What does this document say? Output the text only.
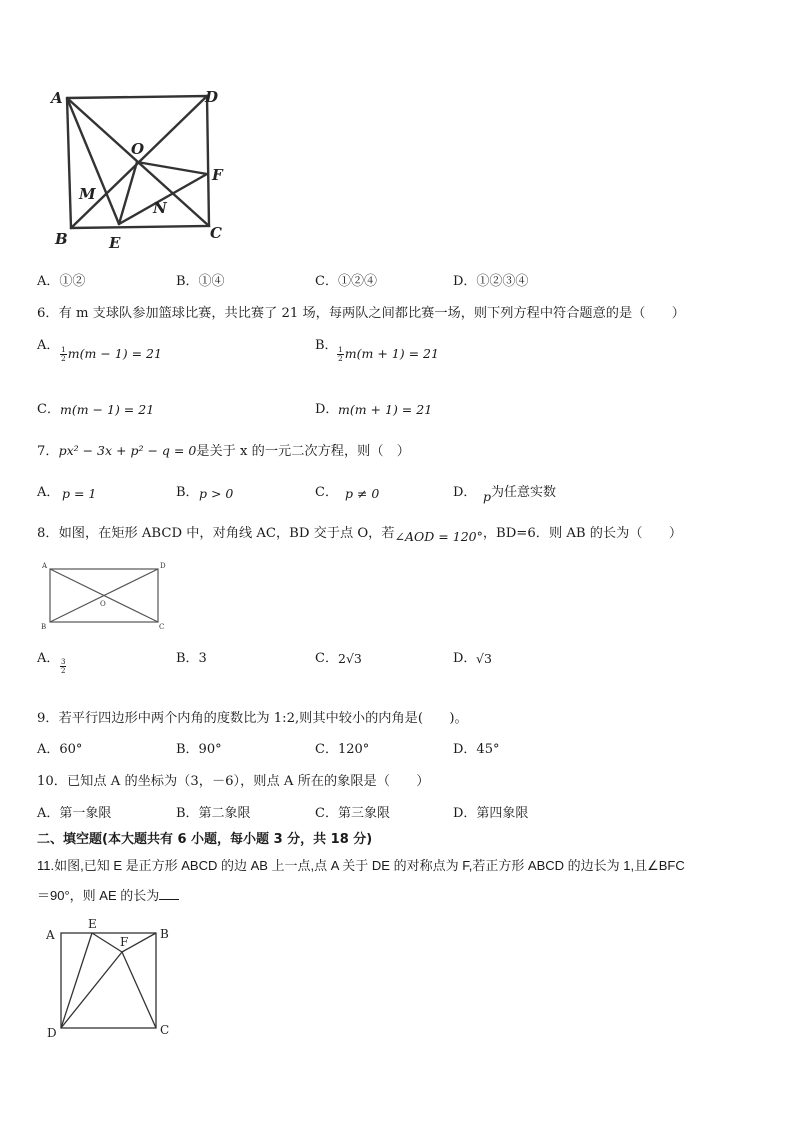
A	D
O
F
M
N
B	E
C
A．①②	B．①④	C．①②④	D．①②③④
6．有 m 支球队参加篮球比赛，共比赛了 21 场，每两队之间都比赛一场，则下列方程中符合题意的是（　　）
A．
$\frac{1}{2} m(m - 1) = 21$
B．
$\frac{1}{2} m(m + 1) = 21$
C． m(m − 1) = 21	D． m(m + 1) = 21
7．px² − 3x + p² − q = 0是关于 x 的一元二次方程，则（　）
A． p = 1	B． p > 0	C． p ≠ 0	D． p为任意实数
8．如图，在矩形 ABCD 中，对角线 AC，BD 交于点 O，若∠AOD = 120°，BD=6．则 AB 的长为（　　）
A	D
O
B	C
A． $\frac{3}{2}$	B．3	C． 2√3	D． √3
9．若平行四边形中两个内角的度数比为 1:2,则其中较小的内角是(　　)。
A．60°	B．90°	C．120°	D．45°
10．已知点 A 的坐标为（3，－6），则点 A 所在的象限是（　　）
A．第一象限	B．第二象限	C．第三象限	D．第四象限
二、填空题(本大题共有 6 小题，每小题 3 分，共 18 分)
11.如图,已知 E 是正方形 ABCD 的边 AB 上一点,点 A 关于 DE 的对称点为 F,若正方形 ABCD 的边长为 1,且∠BFC
＝90°，则 AE 的长为
A
E
F
B
D	C
